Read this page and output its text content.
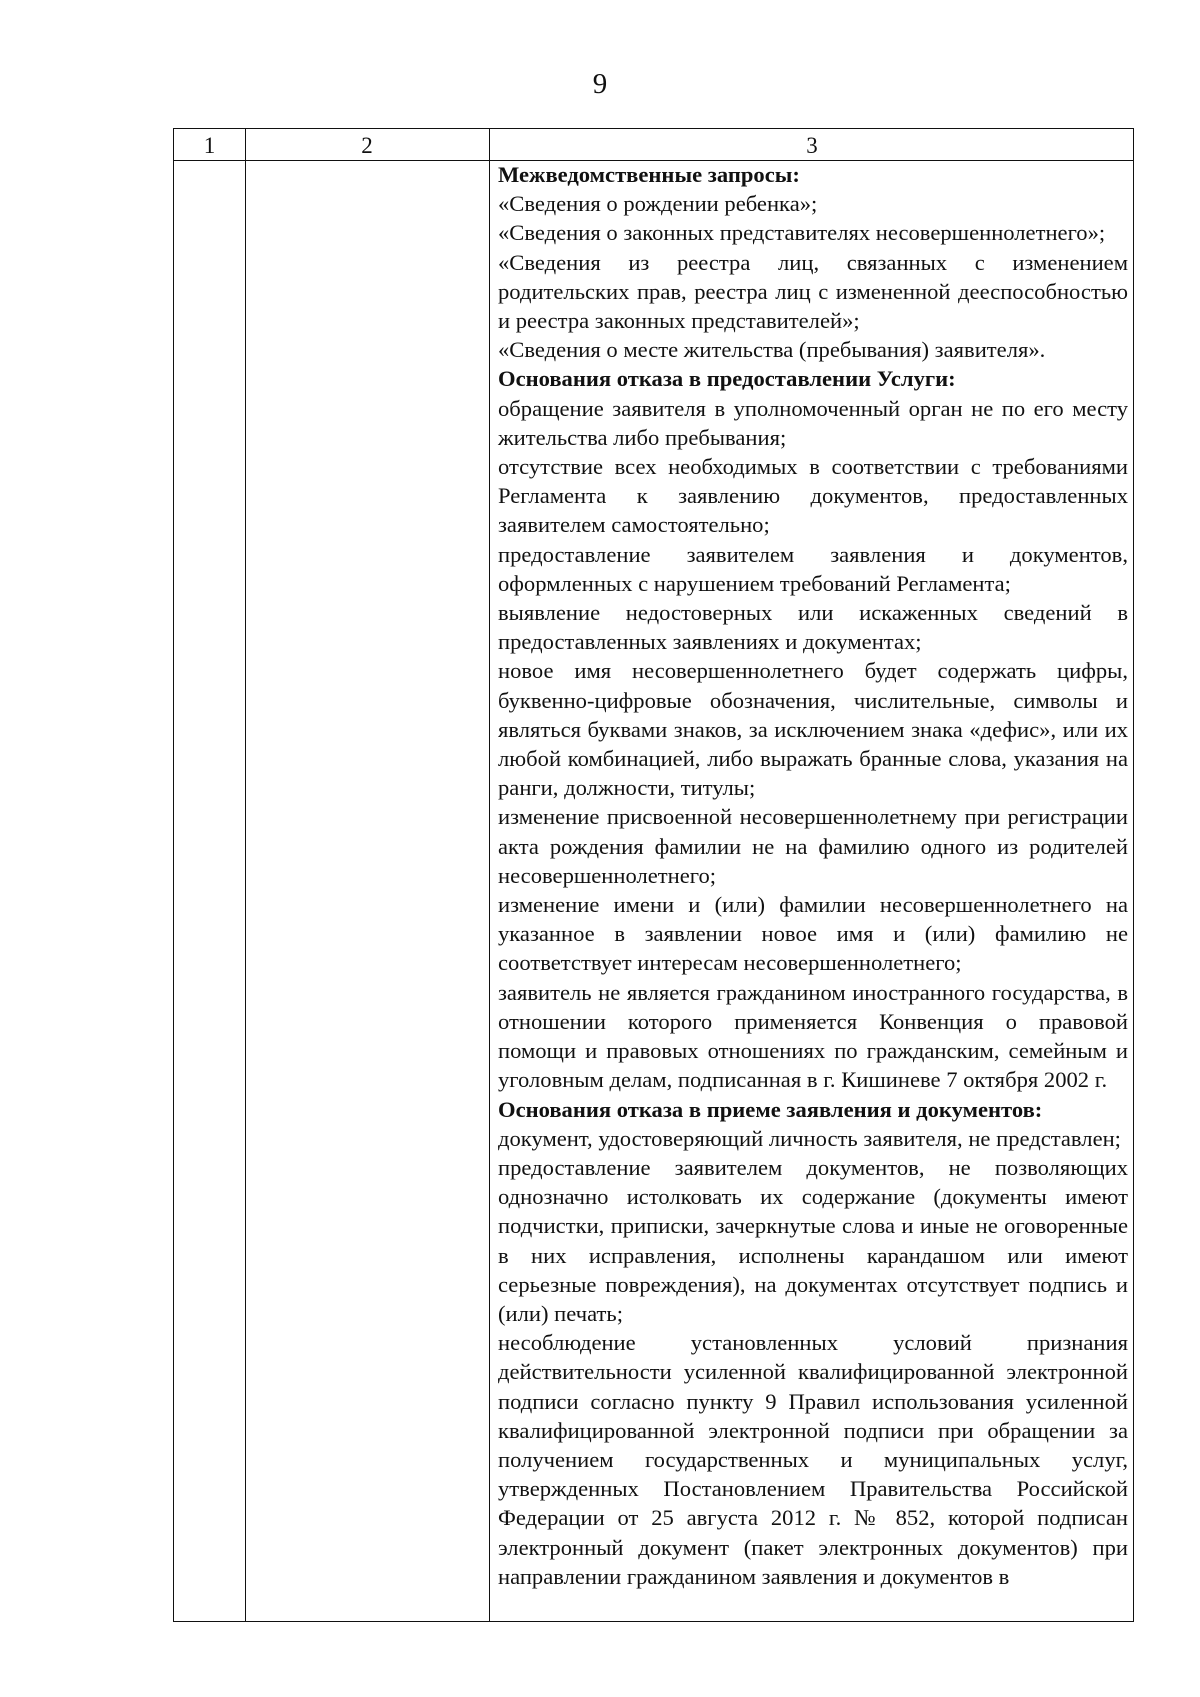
9
1	2	3

Межведомственные запросы:

«Сведения о рождении ребенка»;

«Сведения о законных представителях несовершеннолетнего»;

«Сведения из реестра лиц, связанных с изменением родительских прав, реестра лиц с измененной дееспособностью и реестра законных представителей»;

«Сведения о месте жительства (пребывания) заявителя».

Основания отказа в предоставлении Услуги:

обращение заявителя в уполномоченный орган не по его месту жительства либо пребывания;

отсутствие всех необходимых в соответствии с требованиями Регламента к заявлению документов, предоставленных заявителем самостоятельно;

предоставление заявителем заявления и документов, оформленных с нарушением требований Регламента;

выявление недостоверных или искаженных сведений в предоставленных заявлениях и документах;

новое имя несовершеннолетнего будет содержать цифры, буквенно-цифровые обозначения, числительные, символы и являться буквами знаков, за исключением знака «дефис», или их любой комбинацией, либо выражать бранные слова, указания на ранги, должности, титулы;

изменение присвоенной несовершеннолетнему при регистрации акта рождения фамилии не на фамилию одного из родителей несовершеннолетнего;

изменение имени и (или) фамилии несовершеннолетнего на указанное в заявлении новое имя и (или) фамилию не соответствует интересам несовершеннолетнего;

заявитель не является гражданином иностранного государства, в отношении которого применяется Конвенция о правовой помощи и правовых отношениях по гражданским, семейным и уголовным делам, подписанная в г. Кишиневе 7 октября 2002 г.

Основания отказа в приеме заявления и документов:

документ, удостоверяющий личность заявителя, не представлен;

предоставление заявителем документов, не позволяющих однозначно истолковать их содержание (документы имеют подчистки, приписки, зачеркнутые слова и иные не оговоренные в них исправления, исполнены карандашом или имеют серьезные повреждения), на документах отсутствует подпись и (или) печать;

несоблюдение установленных условий признания действительности усиленной квалифицированной электронной подписи согласно пункту 9 Правил использования усиленной квалифицированной электронной подписи при обращении за получением государственных и муниципальных услуг, утвержденных Постановлением Правительства Российской Федерации от 25 августа 2012 г. № 852, которой подписан электронный документ (пакет электронных документов) при направлении гражданином заявления и документов в
